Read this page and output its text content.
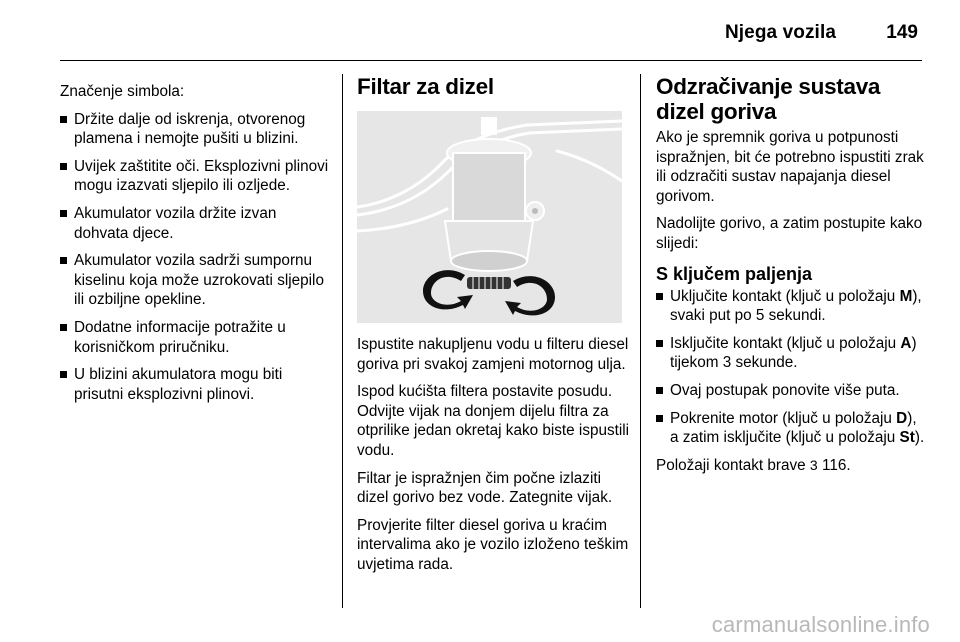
Njega vozila	149

Značenje simbola:

Držite dalje od iskrenja, otvorenog plamena i nemojte pušiti u blizini.
Uvijek zaštitite oči. Eksplozivni plinovi mogu izazvati sljepilo ili ozljede.
Akumulator vozila držite izvan dohvata djece.
Akumulator vozila sadrži sumpornu kiselinu koja može uzrokovati sljepilo ili ozbiljne opekline.
Dodatne informacije potražite u korisničkom priručniku.
U blizini akumulatora mogu biti prisutni eksplozivni plinovi.
Filtar za dizel

Ispustite nakupljenu vodu u filteru diesel goriva pri svakoj zamjeni motornog ulja.

Ispod kućišta filtera postavite posudu. Odvijte vijak na donjem dijelu filtra za otprilike jedan okretaj kako biste ispustili vodu.

Filtar je ispražnjen čim počne izlaziti dizel gorivo bez vode. Zategnite vijak.

Provjerite filter diesel goriva u kraćim intervalima ako je vozilo izloženo teškim uvjetima rada.

Odzračivanje sustava dizel goriva

Ako je spremnik goriva u potpunosti ispražnjen, bit će potrebno ispustiti zrak ili odzračiti sustav napajanja diesel gorivom.

Nadolijte gorivo, a zatim postupite kako slijedi:

S ključem paljenja
Uključite kontakt (ključ u položaju M), svaki put po 5 sekundi.
Isključite kontakt (ključ u položaju A) tijekom 3 sekunde.
Ovaj postupak ponovite više puta.
Pokrenite motor (ključ u položaju D), a zatim isključite (ključ u položaju St).

Položaji kontakt brave 3 116.

carmanualsonline.info
